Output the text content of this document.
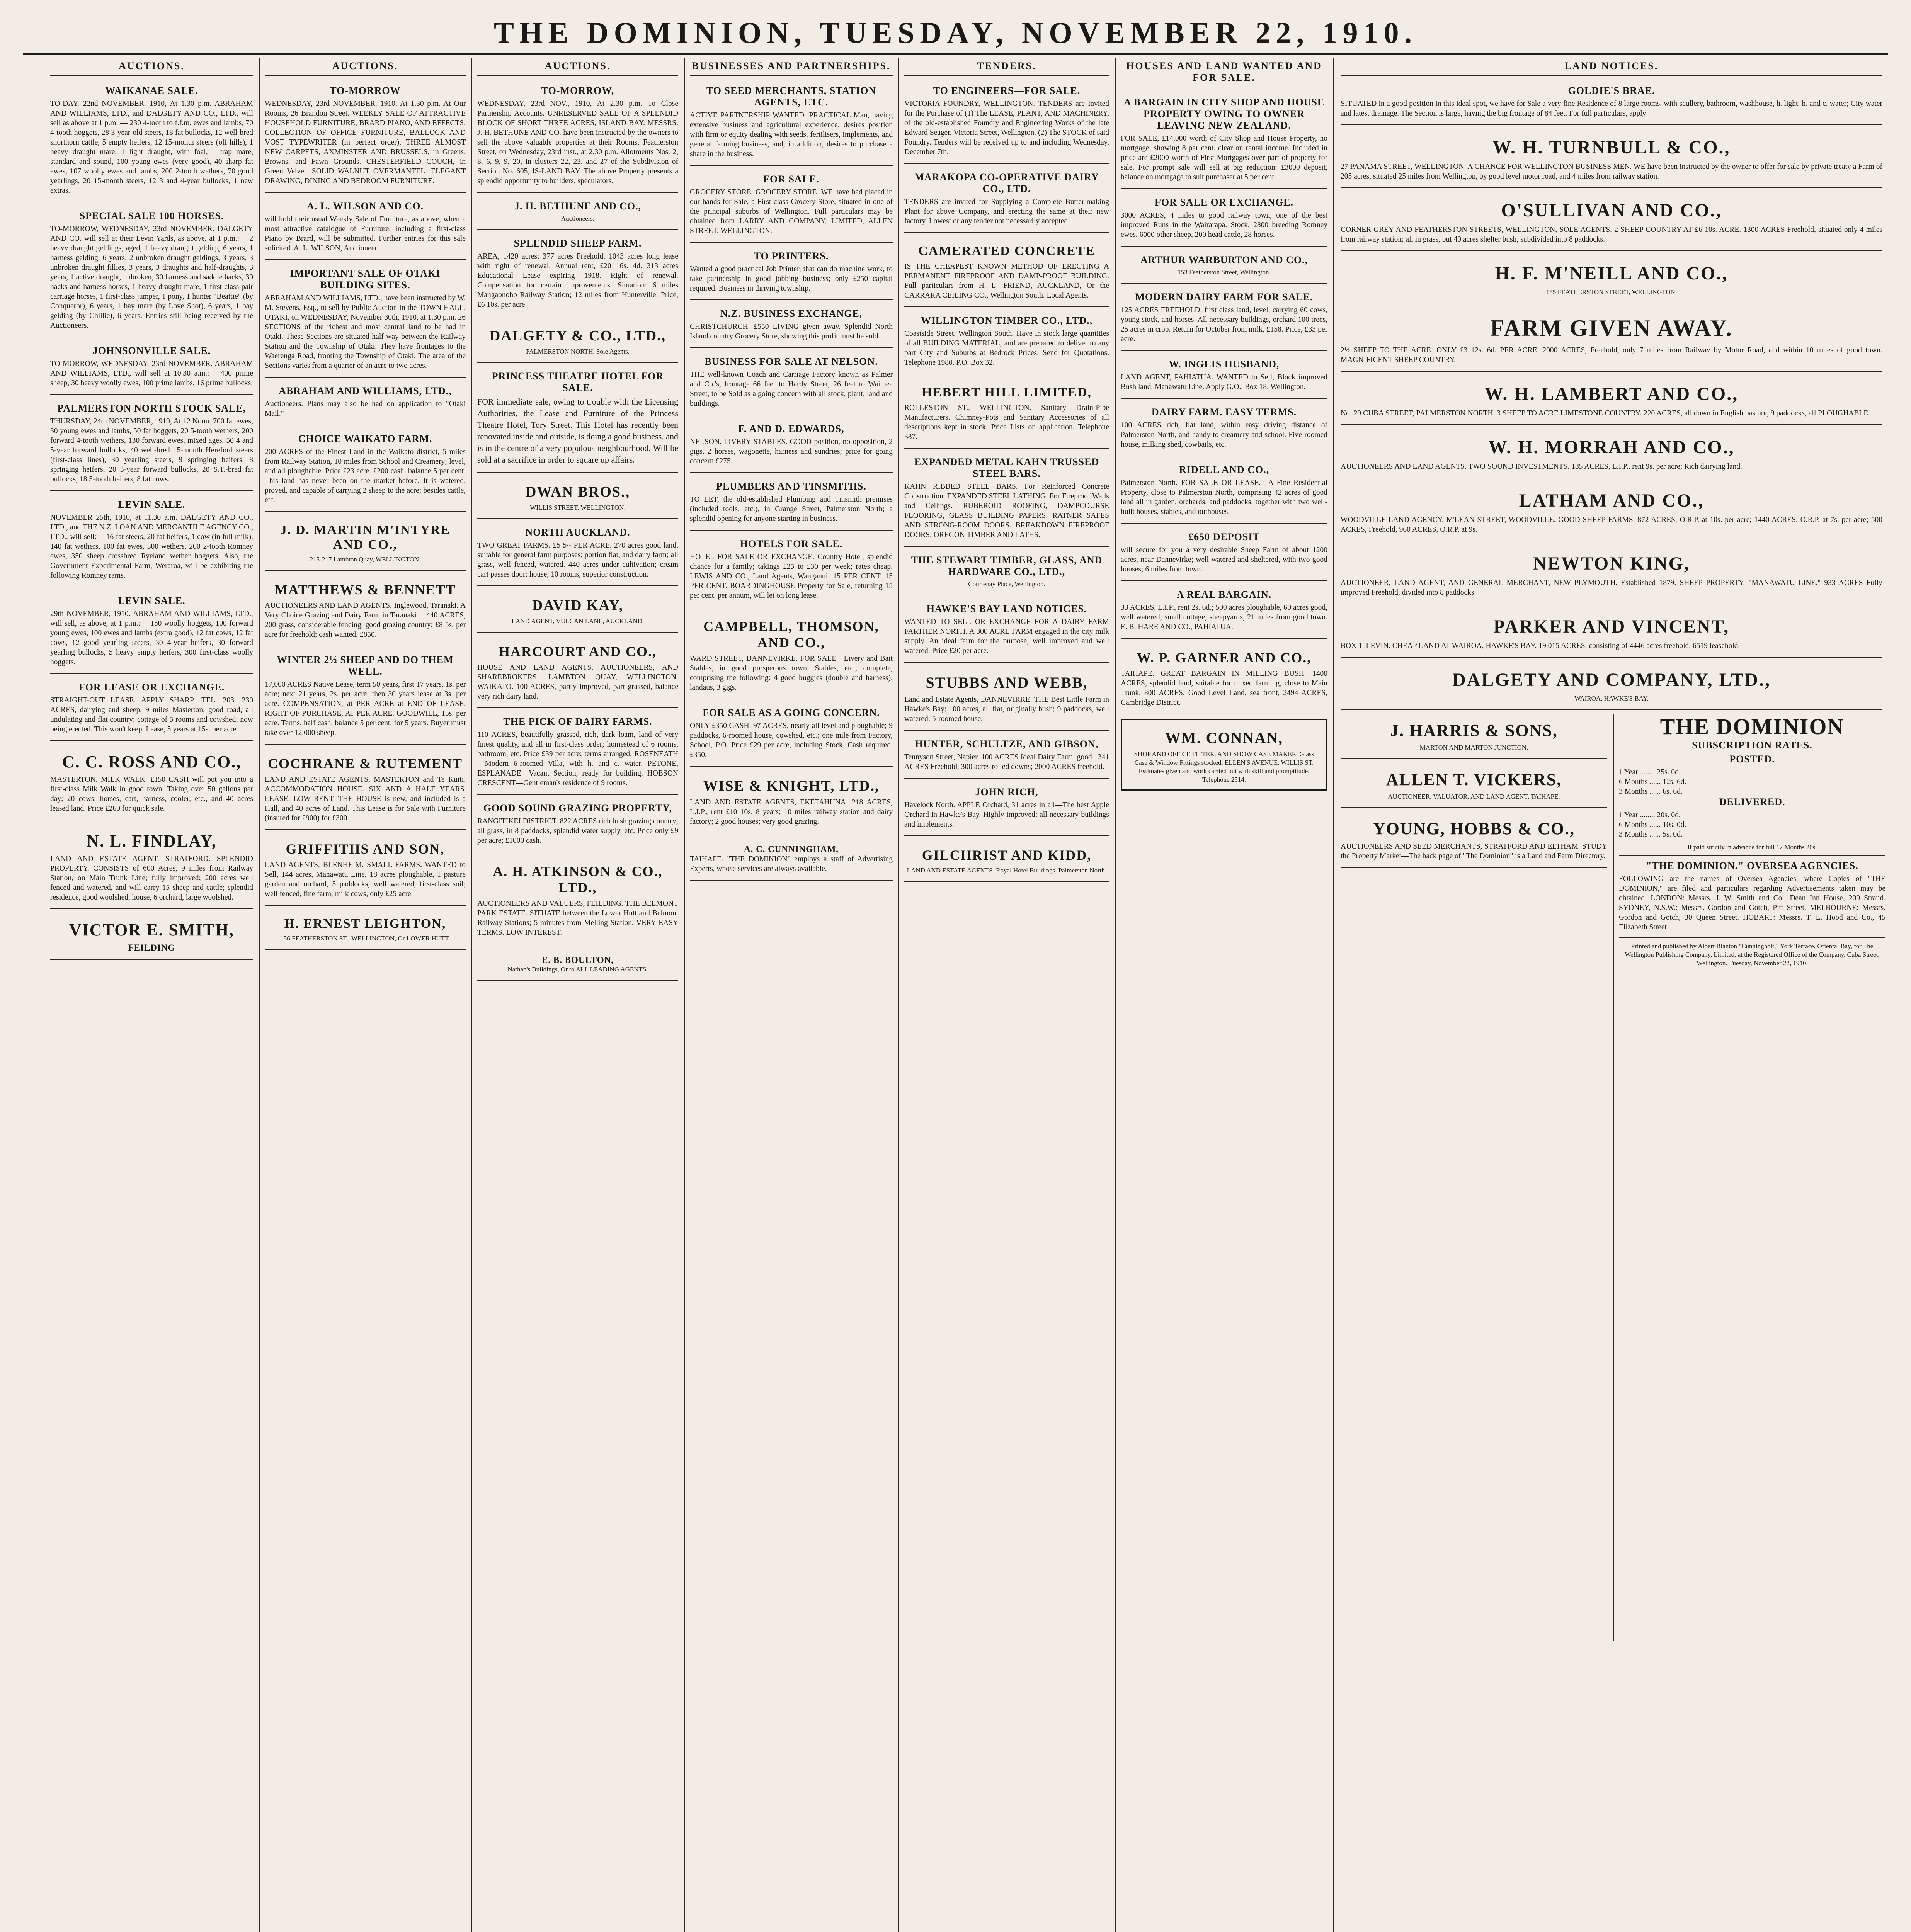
THE DOMINION, TUESDAY, NOVEMBER 22, 1910.
AUCTIONS.
WAIKANAE SALE.
TO-DAY. 22nd NOVEMBER, 1910, At 1.30 p.m. ABRAHAM AND WILLIAMS, LTD., and DALGETY AND CO., LTD., will sell as above at 1 p.m.:— 230 4-tooth to f.f.m. ewes and lambs, 70 4-tooth hoggets, 28 3-year-old steers, 18 fat bullocks, 12 well-bred shorthorn cattle, 5 empty heifers, 12 15-month steers (off hills), 1 heavy draught mare, 1 light draught, with foal, 1 trap mare, standard and sound, 100 young ewes (very good), 40 sharp fat ewes, 107 woolly ewes and lambs, 200 2-tooth wethers, 70 good yearlings, 20 15-month steers, 12 3 and 4-year bullocks, 1 new extras.
SPECIAL SALE 100 HORSES.
TO-MORROW, WEDNESDAY, 23rd NOVEMBER. DALGETY AND CO. will sell at their Levin Yards, as above, at 1 p.m.:— 2 heavy draught geldings, aged, 1 heavy draught gelding, 6 years, 1 harness gelding, 6 years, 2 unbroken draught geldings, 3 years, 3 unbroken draught fillies, 3 years, 3 draughts and half-draughts, 3 years, 1 active draught, unbroken, 30 harness and saddle hacks, 30 hacks and harness horses, 1 heavy draught mare, 1 first-class pair carriage horses, 1 first-class jumper, 1 pony, 1 hunter "Beattie" (by Conqueror), 6 years, 1 bay mare (by Love Shot), 6 years, 1 bay gelding (by Chillie), 6 years. Entries still being received by the Auctioneers.
JOHNSONVILLE SALE.
TO-MORROW, WEDNESDAY, 23rd NOVEMBER. ABRAHAM AND WILLIAMS, LTD., will sell at 10.30 a.m.:— 400 prime sheep, 30 heavy woolly ewes, 100 prime lambs, 16 prime bullocks.
PALMERSTON NORTH STOCK SALE,
THURSDAY, 24th NOVEMBER, 1910, At 12 Noon. 700 fat ewes, 30 young ewes and lambs, 50 fat hoggets, 20 5-tooth wethers, 200 forward 4-tooth wethers, 130 forward ewes, mixed ages, 50 4 and 5-year forward bullocks, 40 well-bred 15-month Hereford steers (first-class lines), 30 yearling steers, 9 springing heifers, 8 springing heifers, 20 3-year forward bullocks, 20 S.T.-bred fat bullocks, 18 5-tooth heifers, 8 fat cows.
LEVIN SALE.
NOVEMBER 25th, 1910, at 11.30 a.m. DALGETY AND CO., LTD., and THE N.Z. LOAN AND MERCANTILE AGENCY CO., LTD., will sell:— 16 fat steers, 20 fat heifers, 1 cow (in full milk), 140 fat wethers, 100 fat ewes, 300 wethers, 200 2-tooth Romney ewes, 350 sheep crossbred Ryeland wether hoggets. Also, the Government Experimental Farm, Weraroa, will be exhibiting the following Romney rams.
LEVIN SALE.
29th NOVEMBER, 1910. ABRAHAM AND WILLIAMS, LTD., will sell, as above, at 1 p.m.:— 150 woolly hoggets, 100 forward young ewes, 100 ewes and lambs (extra good), 12 fat cows, 12 fat cows, 12 good yearling steers, 30 4-year heifers, 30 forward yearling bullocks, 5 heavy empty heifers, 300 first-class woolly hoggets.
FOR LEASE OR EXCHANGE.
STRAIGHT-OUT LEASE. APPLY SHARP—TEL. 203. 230 ACRES, dairying and sheep, 9 miles Masterton, good road, all undulating and flat country; cottage of 5 rooms and cowshed; now being erected. This won't keep. Lease, 5 years at 15s. per acre.
C. C. ROSS AND CO.,
MASTERTON. MILK WALK. £150 CASH will put you into a first-class Milk Walk in good town. Taking over 50 gallons per day; 20 cows, horses, cart, harness, cooler, etc., and 40 acres leased land. Price £260 for quick sale.
N. L. FINDLAY,
LAND AND ESTATE AGENT, STRATFORD. SPLENDID PROPERTY. CONSISTS of 600 Acres, 9 miles from Railway Station, on Main Trunk Line; fully improved; 200 acres well fenced and watered, and will carry 15 sheep and cattle; splendid residence, good woolshed, house, 6 orchard, large woolshed.
VICTOR E. SMITH,
FEILDING
AUCTIONS.
TO-MORROW
WEDNESDAY, 23rd NOVEMBER, 1910, At 1.30 p.m. At Our Rooms, 26 Brandon Street. WEEKLY SALE OF ATTRACTIVE HOUSEHOLD FURNITURE, BRARD PIANO, AND EFFECTS. COLLECTION OF OFFICE FURNITURE, BALLOCK AND VOST TYPEWRITER (in perfect order), THREE ALMOST NEW CARPETS, AXMINSTER AND BRUSSELS, in Greens, Browns, and Fawn Grounds. CHESTERFIELD COUCH, in Green Velvet. SOLID WALNUT OVERMANTEL. ELEGANT DRAWING, DINING AND BEDROOM FURNITURE.
A. L. WILSON AND CO.
will hold their usual Weekly Sale of Furniture, as above, when a most attractive catalogue of Furniture, including a first-class Piano by Brard, will be submitted. Further entries for this sale solicited. A. L. WILSON, Auctioneer.
IMPORTANT SALE OF OTAKI BUILDING SITES.
ABRAHAM AND WILLIAMS, LTD., have been instructed by W. M. Stevens, Esq., to sell by Public Auction in the TOWN HALL, OTAKI, on WEDNESDAY, November 30th, 1910, at 1.30 p.m. 26 SECTIONS of the richest and most central land to be had in Otaki. These Sections are situated half-way between the Railway Station and the Township of Otaki. They have frontages to the Waerenga Road, fronting the Township of Otaki. The area of the Sections varies from a quarter of an acre to two acres.
ABRAHAM AND WILLIAMS, LTD.,
Auctioneers. Plans may also be had on application to "Otaki Mail."
CHOICE WAIKATO FARM.
200 ACRES of the Finest Land in the Waikato district, 5 miles from Railway Station, 10 miles from School and Creamery; level, and all ploughable. Price £23 acre. £200 cash, balance 5 per cent. This land has never been on the market before. It is watered, proved, and capable of carrying 2 sheep to the acre; besides cattle, etc.
J. D. MARTIN M'INTYRE AND CO.,
215-217 Lambton Quay, WELLINGTON.
MATTHEWS & BENNETT
AUCTIONEERS AND LAND AGENTS, Inglewood, Taranaki. A Very Choice Grazing and Dairy Farm in Taranaki— 440 ACRES, 200 grass, considerable fencing, good grazing country; £8 5s. per acre for freehold; cash wanted, £850.
WINTER 2½ SHEEP AND DO THEM WELL.
17,000 ACRES Native Lease, term 50 years, first 17 years, 1s. per acre; next 21 years, 2s. per acre; then 30 years lease at 3s. per acre. COMPENSATION, at PER ACRE at END OF LEASE. RIGHT OF PURCHASE, AT PER ACRE. GOODWILL, 15s. per acre. Terms, half cash, balance 5 per cent. for 5 years. Buyer must take over 12,000 sheep.
COCHRANE & RUTEMENT
LAND AND ESTATE AGENTS, MASTERTON and Te Kuiti. ACCOMMODATION HOUSE. SIX AND A HALF YEARS' LEASE. LOW RENT. THE HOUSE is new, and included is a Hall, and 40 acres of Land. This Lease is for Sale with Furniture (insured for £900) for £300.
GRIFFITHS AND SON,
LAND AGENTS, BLENHEIM. SMALL FARMS. WANTED to Sell, 144 acres, Manawatu Line, 18 acres ploughable, 1 pasture garden and orchard, 5 paddocks, well watered, first-class soil; well fenced, fine farm, milk cows, only £25 acre.
H. ERNEST LEIGHTON,
156 FEATHERSTON ST., WELLINGTON, Or LOWER HUTT.
AUCTIONS.
TO-MORROW,
WEDNESDAY, 23rd NOV., 1910, At 2.30 p.m. To Close Partnership Accounts. UNRESERVED SALE OF A SPLENDID BLOCK OF SHORT THREE ACRES, ISLAND BAY. MESSRS. J. H. BETHUNE AND CO. have been instructed by the owners to sell the above valuable properties at their Rooms, Featherston Street, on Wednesday, 23rd inst., at 2.30 p.m. Allotments Nos. 2, 8, 6, 9, 9, 20, in clusters 22, 23, and 27 of the Subdivision of Section No. 605, IS-LAND BAY. The above Property presents a splendid opportunity to builders, speculators.
J. H. BETHUNE AND CO.,
Auctioneers.
SPLENDID SHEEP FARM.
AREA, 1420 acres; 377 acres Freehold, 1043 acres long lease with right of renewal. Annual rent, £20 16s. 4d. 313 acres Educational Lease expiring 1918. Right of renewal. Compensation for certain improvements. Situation: 6 miles Mangaonoho Railway Station; 12 miles from Hunterville. Price, £6 10s. per acre.
DALGETY & CO., LTD.,
PALMERSTON NORTH. Sole Agents.
PRINCESS THEATRE HOTEL FOR SALE.
FOR immediate sale, owing to trouble with the Licensing Authorities, the Lease and Furniture of the Princess Theatre Hotel, Tory Street. This Hotel has recently been renovated inside and outside, is doing a good business, and is in the centre of a very populous neighbourhood. Will be sold at a sacrifice in order to square up affairs.
DWAN BROS.,
WILLIS STREET, WELLINGTON.
NORTH AUCKLAND.
TWO GREAT FARMS. £5 5/- PER ACRE. 270 acres good land, suitable for general farm purposes; portion flat, and dairy farm; all grass, well fenced, watered. 440 acres under cultivation; cream cart passes door; house, 10 rooms, superior construction.
DAVID KAY,
LAND AGENT, VULCAN LANE, AUCKLAND.
HARCOURT AND CO.,
HOUSE AND LAND AGENTS, AUCTIONEERS, AND SHAREBROKERS, LAMBTON QUAY, WELLINGTON. WAIKATO. 100 ACRES, partly improved, part grassed, balance very rich dairy land.
THE PICK OF DAIRY FARMS.
110 ACRES, beautifully grassed, rich, dark loam, land of very finest quality, and all in first-class order; homestead of 6 rooms, bathroom, etc. Price £39 per acre; terms arranged. ROSENEATH—Modern 6-roomed Villa, with h. and c. water. PETONE, ESPLANADE—Vacant Section, ready for building. HOBSON CRESCENT—Gentleman's residence of 9 rooms.
GOOD SOUND GRAZING PROPERTY,
RANGITIKEI DISTRICT. 822 ACRES rich bush grazing country; all grass, in 8 paddocks, splendid water supply, etc. Price only £9 per acre; £1000 cash.
A. H. ATKINSON & CO., LTD.,
AUCTIONEERS AND VALUERS, FEILDING. THE BELMONT PARK ESTATE. SITUATE between the Lower Hutt and Belmont Railway Stations; 5 minutes from Melling Station. VERY EASY TERMS. LOW INTEREST.
E. B. BOULTON,
Nathan's Buildings, Or to ALL LEADING AGENTS.
BUSINESSES AND PARTNERSHIPS.
TO SEED MERCHANTS, STATION AGENTS, ETC.
ACTIVE PARTNERSHIP WANTED. PRACTICAL Man, having extensive business and agricultural experience, desires position with firm or equity dealing with seeds, fertilisers, implements, and general farming business, and, in addition, desires to purchase a share in the business.
FOR SALE.
GROCERY STORE. GROCERY STORE. WE have had placed in our hands for Sale, a First-class Grocery Store, situated in one of the principal suburbs of Wellington. Full particulars may be obtained from LARRY AND COMPANY, LIMITED, ALLEN STREET, WELLINGTON.
TO PRINTERS.
Wanted a good practical Job Printer, that can do machine work, to take partnership in good jobbing business; only £250 capital required. Business in thriving township.
N.Z. BUSINESS EXCHANGE,
CHRISTCHURCH. £550 LIVING given away. Splendid North Island country Grocery Store, showing this profit must be sold.
BUSINESS FOR SALE AT NELSON.
THE well-known Coach and Carriage Factory known as Palmer and Co.'s, frontage 66 feet to Hardy Street, 26 feet to Waimea Street, to be Sold as a going concern with all stock, plant, land and buildings.
F. AND D. EDWARDS,
NELSON. LIVERY STABLES. GOOD position, no opposition, 2 gigs, 2 horses, wagonette, harness and sundries; price for going concern £275.
PLUMBERS AND TINSMITHS.
TO LET, the old-established Plumbing and Tinsmith premises (included tools, etc.), in Grange Street, Palmerston North; a splendid opening for anyone starting in business.
HOTELS FOR SALE.
HOTEL FOR SALE OR EXCHANGE. Country Hotel, splendid chance for a family; takings £25 to £30 per week; rates cheap. LEWIS AND CO., Land Agents, Wanganui. 15 PER CENT. 15 PER CENT. BOARDINGHOUSE Property for Sale, returning 15 per cent. per annum, will let on long lease.
CAMPBELL, THOMSON, AND CO.,
WARD STREET, DANNEVIRKE. FOR SALE—Livery and Bait Stables, in good prosperous town. Stables, etc., complete, comprising the following: 4 good buggies (double and harness), landaus, 3 gigs.
FOR SALE AS A GOING CONCERN.
ONLY £350 CASH. 97 ACRES, nearly all level and ploughable; 9 paddocks, 6-roomed house, cowshed, etc.; one mile from Factory, School, P.O. Price £29 per acre, including Stock. Cash required, £350.
WISE & KNIGHT, LTD.,
LAND AND ESTATE AGENTS, EKETAHUNA. 218 ACRES, L.I.P., rent £10 10s. 8 years; 10 miles railway station and dairy factory; 2 good houses; very good grazing.
A. C. CUNNINGHAM,
TAIHAPE. "THE DOMINION" employs a staff of Advertising Experts, whose services are always available.
TENDERS.
TO ENGINEERS—FOR SALE.
VICTORIA FOUNDRY, WELLINGTON. TENDERS are invited for the Purchase of (1) The LEASE, PLANT, AND MACHINERY, of the old-established Foundry and Engineering Works of the late Edward Seager, Victoria Street, Wellington. (2) The STOCK of said Foundry. Tenders will be received up to and including Wednesday, December 7th.
MARAKOPA CO-OPERATIVE DAIRY CO., LTD.
TENDERS are invited for Supplying a Complete Butter-making Plant for above Company, and erecting the same at their new factory. Lowest or any tender not necessarily accepted.
CAMERATED CONCRETE
IS THE CHEAPEST KNOWN METHOD OF ERECTING A PERMANENT FIREPROOF AND DAMP-PROOF BUILDING. Full particulars from H. L. FRIEND, AUCKLAND, Or the CARRARA CEILING CO., Wellington South. Local Agents.
WILLINGTON TIMBER CO., LTD.,
Coastside Street, Wellington South, Have in stock large quantities of all BUILDING MATERIAL, and are prepared to deliver to any part City and Suburbs at Bedrock Prices. Send for Quotations. Telephone 1980. P.O. Box 32.
HEBERT HILL LIMITED,
ROLLESTON ST., WELLINGTON. Sanitary Drain-Pipe Manufacturers. Chimney-Pots and Sanitary Accessories of all descriptions kept in stock. Price Lists on application. Telephone 387.
EXPANDED METAL KAHN TRUSSED STEEL BARS.
KAHN RIBBED STEEL BARS. For Reinforced Concrete Construction. EXPANDED STEEL LATHING. For Fireproof Walls and Ceilings. RUBEROID ROOFING, DAMPCOURSE FLOORING, GLASS BUILDING PAPERS. RATNER SAFES AND STRONG-ROOM DOORS. BREAKDOWN FIREPROOF DOORS, OREGON TIMBER AND LATHS.
THE STEWART TIMBER, GLASS, AND HARDWARE CO., LTD.,
Courtenay Place, Wellington.
HAWKE'S BAY LAND NOTICES.
WANTED TO SELL OR EXCHANGE FOR A DAIRY FARM FARTHER NORTH. A 300 ACRE FARM engaged in the city milk supply. An ideal farm for the purpose; well improved and well watered. Price £20 per acre.
STUBBS AND WEBB,
Land and Estate Agents, DANNEVIRKE. THE Best Little Farm in Hawke's Bay; 100 acres, all flat, originally bush; 9 paddocks, well watered; 5-roomed house.
HUNTER, SCHULTZE, AND GIBSON,
Tennyson Street, Napier. 100 ACRES Ideal Dairy Farm, good 1341 ACRES Freehold, 300 acres rolled downs; 2000 ACRES freehold.
JOHN RICH,
Havelock North. APPLE Orchard, 31 acres in all—The best Apple Orchard in Hawke's Bay. Highly improved; all necessary buildings and implements.
GILCHRIST AND KIDD,
LAND AND ESTATE AGENTS. Royal Hotel Buildings, Palmerston North.
HOUSES AND LAND WANTED AND FOR SALE.
A BARGAIN IN CITY SHOP AND HOUSE PROPERTY OWING TO OWNER LEAVING NEW ZEALAND.
FOR SALE, £14,000 worth of City Shop and House Property, no mortgage, showing 8 per cent. clear on rental income. Included in price are £2000 worth of First Mortgages over part of property for sale. For prompt sale will sell at big reduction: £3000 deposit, balance on mortgage to suit purchaser at 5 per cent.
FOR SALE OR EXCHANGE.
3000 ACRES, 4 miles to good railway town, one of the best improved Runs in the Wairarapa. Stock, 2800 breeding Romney ewes, 6000 other sheep, 200 head cattle, 28 horses.
ARTHUR WARBURTON AND CO.,
153 Featherston Street, Wellington.
MODERN DAIRY FARM FOR SALE.
125 ACRES FREEHOLD, first class land, level, carrying 60 cows, young stock, and horses. All necessary buildings, orchard 100 trees, 25 acres in crop. Return for October from milk, £158. Price, £33 per acre.
W. INGLIS HUSBAND,
LAND AGENT, PAHIATUA. WANTED to Sell, Block improved Bush land, Manawatu Line. Apply G.O., Box 18, Wellington.
DAIRY FARM. EASY TERMS.
100 ACRES rich, flat land, within easy driving distance of Palmerston North, and handy to creamery and school. Five-roomed house, milking shed, cowbails, etc.
RIDELL AND CO.,
Palmerston North. FOR SALE OR LEASE.—A Fine Residential Property, close to Palmerston North, comprising 42 acres of good land all in garden, orchards, and paddocks, together with two well-built houses, stables, and outhouses.
£650 DEPOSIT
will secure for you a very desirable Sheep Farm of about 1200 acres, near Dannevirke; well watered and sheltered, with two good houses; 6 miles from town.
A REAL BARGAIN.
33 ACRES, L.I.P., rent 2s. 6d.; 500 acres ploughable, 60 acres good, well watered; small cottage, sheepyards, 21 miles from good town. E. B. HARE AND CO., PAHIATUA.
W. P. GARNER AND CO.,
TAIHAPE. GREAT BARGAIN IN MILLING BUSH. 1400 ACRES, splendid land, suitable for mixed farming, close to Main Trunk. 800 ACRES, Good Level Land, sea front, 2494 ACRES, Cambridge District.
WM. CONNAN,
SHOP AND OFFICE FITTER, AND SHOW CASE MAKER, Glass Case & Window Fittings stocked. ELLEN'S AVENUE, WILLIS ST. Estimates given and work carried out with skill and promptitude. Telephone 2514.
LAND NOTICES.
GOLDIE'S BRAE.
SITUATED in a good position in this ideal spot, we have for Sale a very fine Residence of 8 large rooms, with scullery, bathroom, washhouse, h. light, h. and c. water; City water and latest drainage. The Section is large, having the big frontage of 84 feet. For full particulars, apply—
W. H. TURNBULL & CO.,
27 PANAMA STREET, WELLINGTON. A CHANCE FOR WELLINGTON BUSINESS MEN. WE have been instructed by the owner to offer for sale by private treaty a Farm of 205 acres, situated 25 miles from Wellington, by good level motor road, and 4 miles from railway station.
O'SULLIVAN AND CO.,
CORNER GREY AND FEATHERSTON STREETS, WELLINGTON, SOLE AGENTS. 2 SHEEP COUNTRY AT £6 10s. ACRE. 1300 ACRES Freehold, situated only 4 miles from railway station; all in grass, but 40 acres shelter bush, subdivided into 8 paddocks.
H. F. M'NEILL AND CO.,
155 FEATHERSTON STREET, WELLINGTON.
FARM GIVEN AWAY.
2½ SHEEP TO THE ACRE. ONLY £3 12s. 6d. PER ACRE. 2000 ACRES, Freehold, only 7 miles from Railway by Motor Road, and within 10 miles of good town. MAGNIFICENT SHEEP COUNTRY.
W. H. LAMBERT AND CO.,
No. 29 CUBA STREET, PALMERSTON NORTH. 3 SHEEP TO ACRE LIMESTONE COUNTRY. 220 ACRES, all down in English pasture, 9 paddocks, all PLOUGHABLE.
W. H. MORRAH AND CO.,
AUCTIONEERS AND LAND AGENTS. TWO SOUND INVESTMENTS. 185 ACRES, L.I.P., rent 9s. per acre; Rich dairying land.
LATHAM AND CO.,
WOODVILLE LAND AGENCY, M'LEAN STREET, WOODVILLE. GOOD SHEEP FARMS. 872 ACRES, O.R.P. at 10s. per acre; 1440 ACRES, O.R.P. at 7s. per acre; 500 ACRES, Freehold, 960 ACRES, O.R.P. at 9s.
NEWTON KING,
AUCTIONEER, LAND AGENT, AND GENERAL MERCHANT, NEW PLYMOUTH. Established 1879. SHEEP PROPERTY, "MANAWATU LINE." 933 ACRES Fully improved Freehold, divided into 8 paddocks.
PARKER AND VINCENT,
BOX 1, LEVIN. CHEAP LAND AT WAIROA, HAWKE'S BAY. 19,015 ACRES, consisting of 4446 acres freehold, 6519 leasehold.
DALGETY AND COMPANY, LTD.,
WAIROA, HAWKE'S BAY.
J. HARRIS & SONS,
MARTON AND MARTON JUNCTION.
ALLEN T. VICKERS,
AUCTIONEER, VALUATOR, AND LAND AGENT, TAIHAPE.
YOUNG, HOBBS & CO.,
AUCTIONEERS AND SEED MERCHANTS, STRATFORD AND ELTHAM. STUDY the Property Market—The back page of "The Dominion" is a Land and Farm Directory.
THE DOMINION
SUBSCRIPTION RATES.
POSTED.
1 Year ........ 25s. 0d.
6 Months ...... 12s. 6d.
3 Months ...... 6s. 6d.
DELIVERED.
1 Year ........ 20s. 0d.
6 Months ...... 10s. 0d.
3 Months ...... 5s. 0d.
If paid strictly in advance for full 12 Months 20s.
"THE DOMINION." OVERSEA AGENCIES.
FOLLOWING are the names of Oversea Agencies, where Copies of "THE DOMINION," are filed and particulars regarding Advertisements taken may be obtained. LONDON: Messrs. J. W. Smith and Co., Dean Inn House, 209 Strand. SYDNEY, N.S.W.: Messrs. Gordon and Gotch, Pitt Street. MELBOURNE: Messrs. Gordon and Gotch, 30 Queen Street. HOBART: Messrs. T. L. Hood and Co., 45 Elizabeth Street.
Printed and published by Albert Blanton "Cunningholt," York Terrace, Oriental Bay, for The Wellington Publishing Company, Limited, at the Registered Office of the Company, Cuba Street, Wellington. Tuesday, November 22, 1910.
